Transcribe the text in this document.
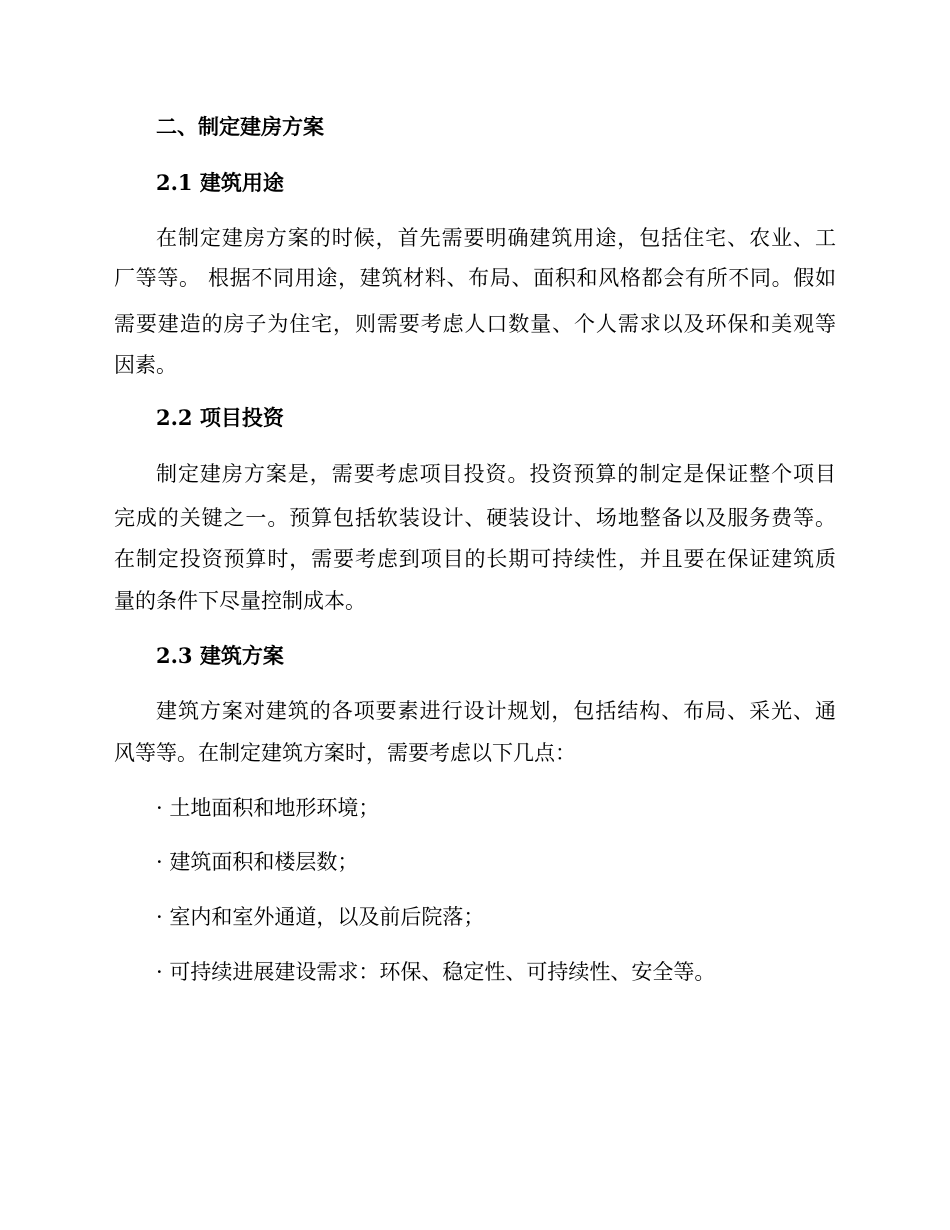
二、制定建房方案
2.1 建筑用途
在制定建房方案的时候，首先需要明确建筑用途，包括住宅、农业、工
厂等等。 根据不同用途，建筑材料、布局、面积和风格都会有所不同。假如
需要建造的房子为住宅，则需要考虑人口数量、个人需求以及环保和美观等
因素。
2.2 项目投资
制定建房方案是，需要考虑项目投资。投资预算的制定是保证整个项目
完成的关键之一。预算包括软装设计、硬装设计、场地整备以及服务费等。
在制定投资预算时，需要考虑到项目的长期可持续性，并且要在保证建筑质
量的条件下尽量控制成本。
2.3 建筑方案
建筑方案对建筑的各项要素进行设计规划，包括结构、布局、采光、通
风等等。在制定建筑方案时，需要考虑以下几点：
· 土地面积和地形环境；
· 建筑面积和楼层数；
· 室内和室外通道，以及前后院落；
· 可持续进展建设需求：环保、稳定性、可持续性、安全等。
